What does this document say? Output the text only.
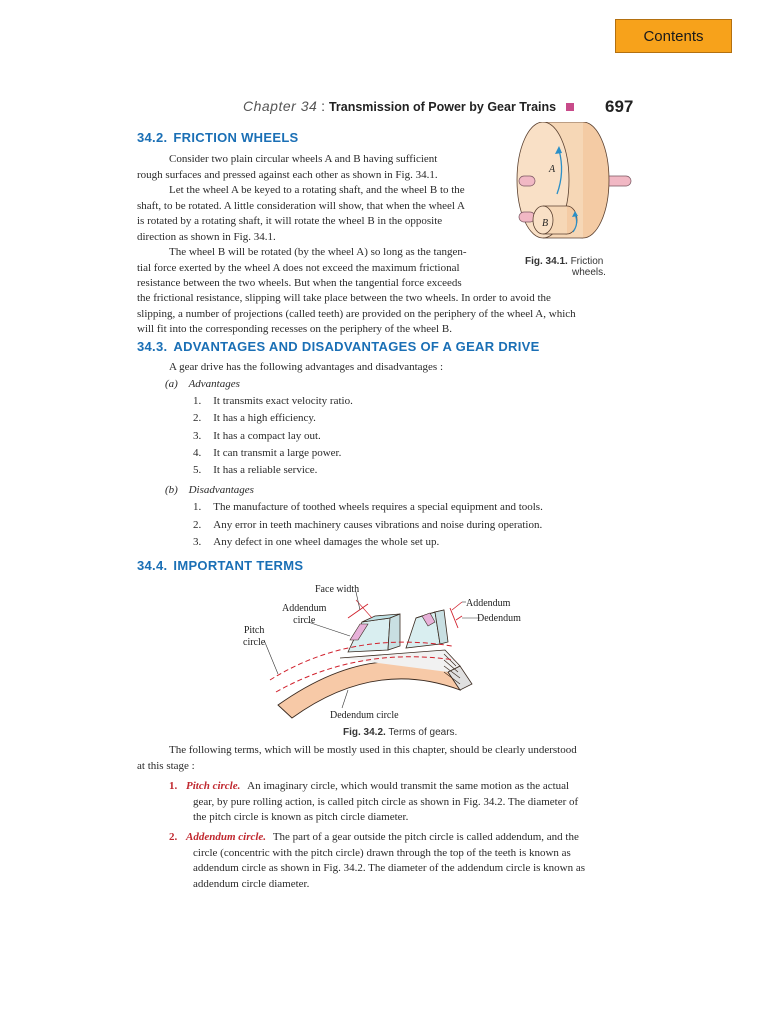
Contents
Chapter 34 : Transmission of Power by Gear Trains	697
34.2. FRICTION WHEELS
Consider two plain circular wheels A and B having sufficient
rough surfaces and pressed against each other as shown in Fig. 34.1.
Let the wheel A be keyed to a rotating shaft, and the wheel B to the
shaft, to be rotated. A little consideration will show, that when the wheel A
is rotated by a rotating shaft, it will rotate the wheel B in the opposite
direction as shown in Fig. 34.1.
The wheel B will be rotated (by the wheel A) so long as the tangen-
tial force exerted by the wheel A does not exceed the maximum frictional
resistance between the two wheels. But when the tangential force exceeds
the frictional resistance, slipping will take place between the two wheels. In order to avoid the
slipping, a number of projections (called teeth) are provided on the periphery of the wheel A, which
will fit into the corresponding recesses on the periphery of the wheel B.
A
B
Fig. 34.1. Friction
wheels.
34.3. ADVANTAGES AND DISADVANTAGES OF A GEAR DRIVE
A gear drive has the following advantages and disadvantages :
(a) Advantages
1. It transmits exact velocity ratio.
2. It has a high efficiency.
3. It has a compact lay out.
4. It can transmit a large power.
5. It has a reliable service.
(b) Disadvantages
1. The manufacture of toothed wheels requires a special equipment and tools.
2. Any error in teeth machinery causes vibrations and noise during operation.
3. Any defect in one wheel damages the whole set up.
34.4. IMPORTANT TERMS
Face width
Addendum
circle
Pitch
circle
Addendum
Dedendum
Dedendum circle
Fig. 34.2. Terms of gears.
The following terms, which will be mostly used in this chapter, should be clearly understood
at this stage :
1. Pitch circle. An imaginary circle, which would transmit the same motion as the actual
gear, by pure rolling action, is called pitch circle as shown in Fig. 34.2. The diameter of
the pitch circle is known as pitch circle diameter.
2. Addendum circle. The part of a gear outside the pitch circle is called addendum, and the
circle (concentric with the pitch circle) drawn through the top of the teeth is known as
addendum circle as shown in Fig. 34.2. The diameter of the addendum circle is known as
addendum circle diameter.
